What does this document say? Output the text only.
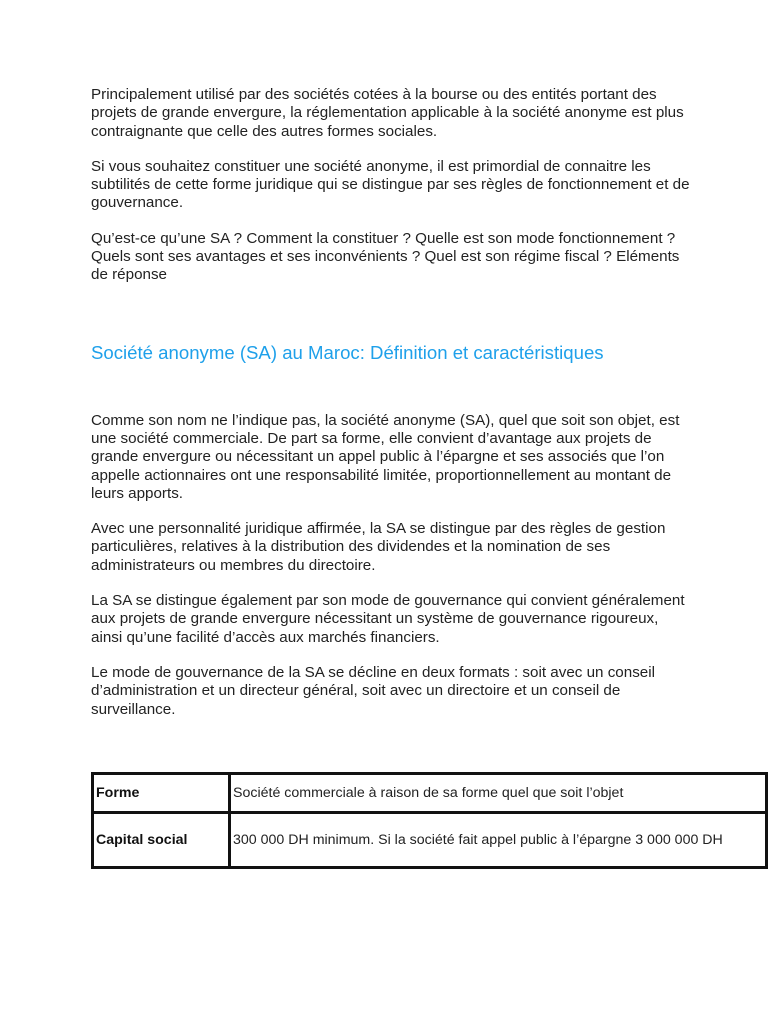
Principalement utilisé par des sociétés cotées à la bourse ou des entités portant des projets de grande envergure, la réglementation applicable à la société anonyme est plus contraignante que celle des autres formes sociales.

Si vous souhaitez constituer une société anonyme, il est primordial de connaitre les subtilités de cette forme juridique qui se distingue par ses règles de fonctionnement et de gouvernance.

Qu’est-ce qu’une SA ? Comment la constituer ? Quelle est son mode fonctionnement ? Quels sont ses avantages et ses inconvénients ? Quel est son régime fiscal ? Eléments de réponse

Société anonyme (SA) au Maroc: Définition et caractéristiques

Comme son nom ne l’indique pas, la société anonyme (SA), quel que soit son objet, est une société commerciale. De part sa forme, elle convient d’avantage aux projets de grande envergure ou nécessitant un appel public à l’épargne et ses associés que l’on appelle actionnaires ont une responsabilité limitée, proportionnellement au montant de leurs apports.

Avec une personnalité juridique affirmée, la SA se distingue par des règles de gestion particulières, relatives à la distribution des dividendes et la nomination de ses administrateurs ou membres du directoire.

La SA se distingue également par son mode de gouvernance qui convient généralement aux projets de grande envergure nécessitant un système de gouvernance rigoureux, ainsi qu’une facilité d’accès aux marchés financiers.

Le mode de gouvernance de la SA se décline en deux formats : soit avec un conseil d’administration et un directeur général, soit avec un directoire et un conseil de surveillance.

Forme	Société commerciale à raison de sa forme quel que soit l’objet
Capital social	300 000 DH minimum. Si la société fait appel public à l’épargne 3 000 000 DH
